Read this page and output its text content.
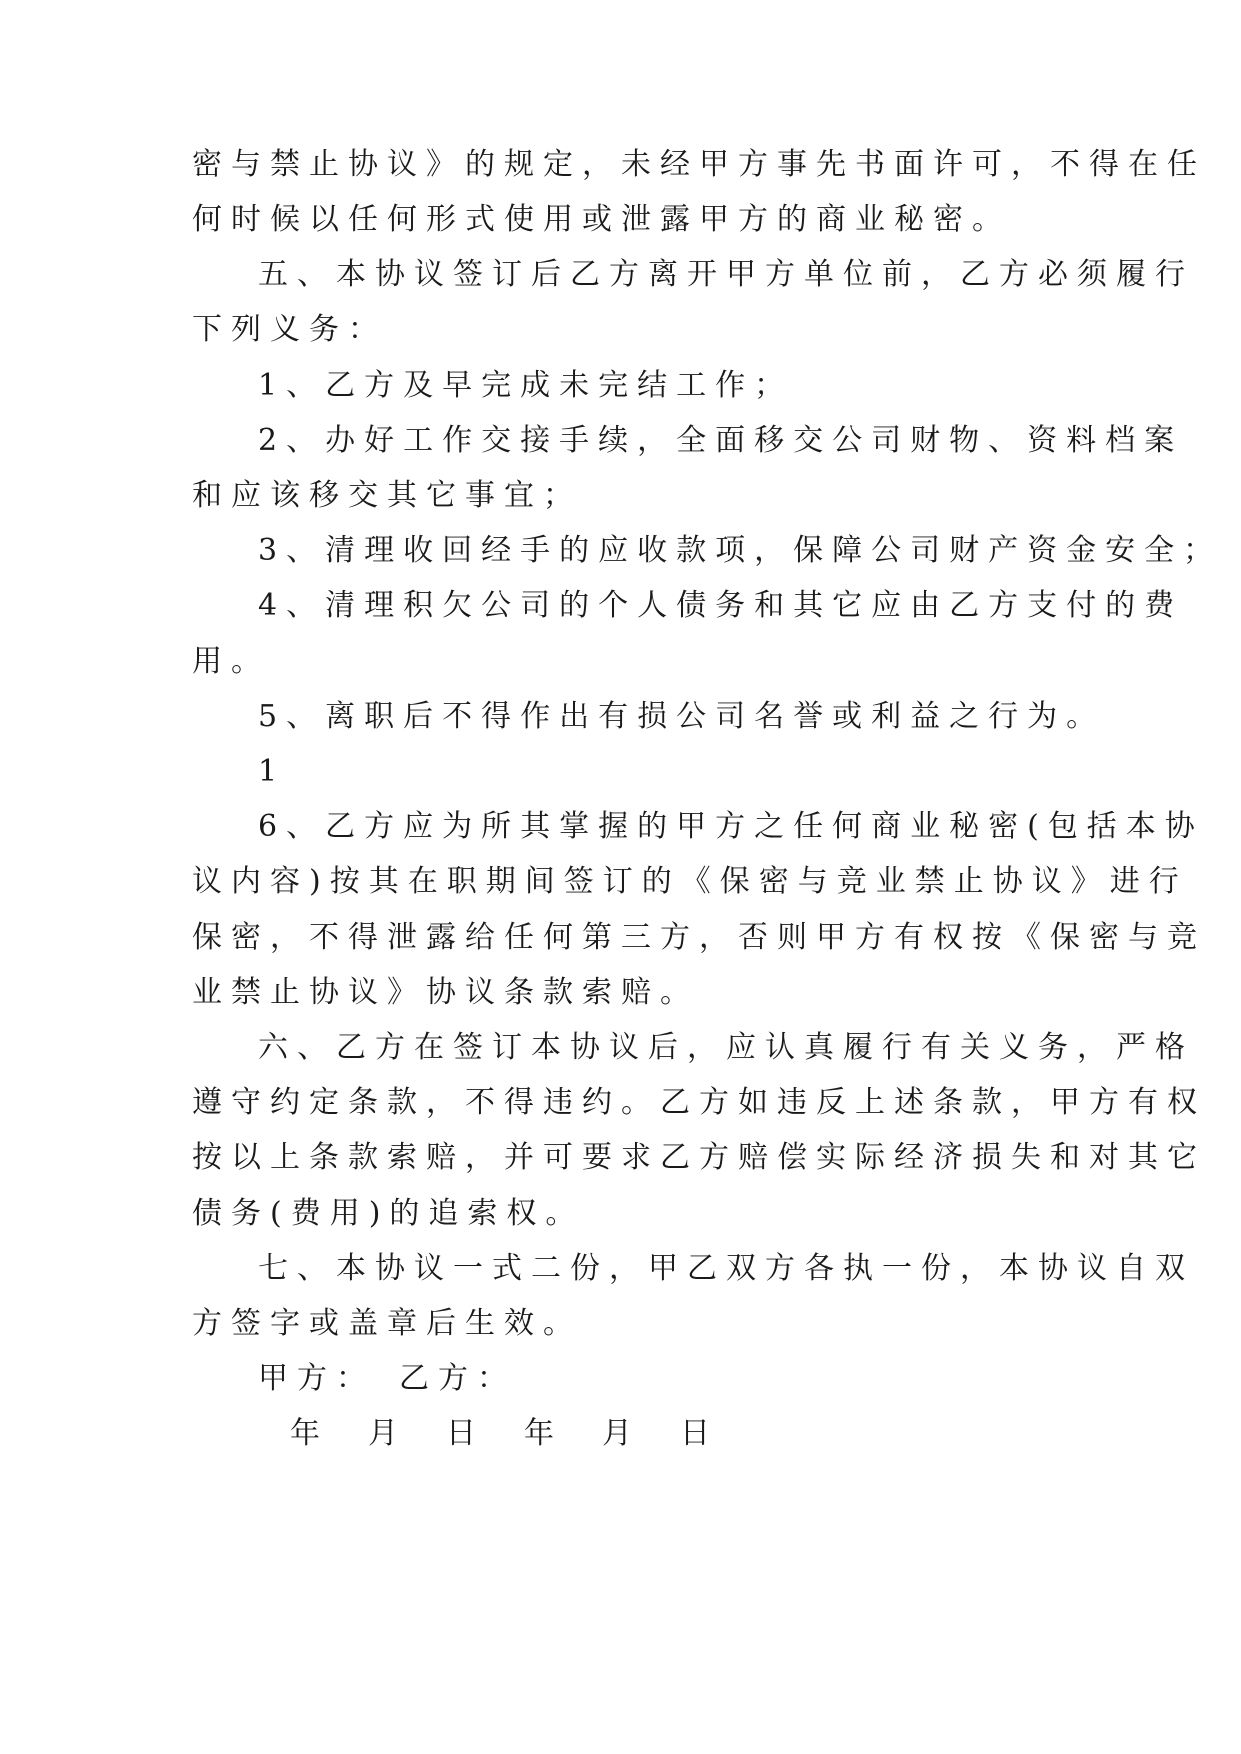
密与禁止协议》的规定，未经甲方事先书面许可，不得在任
何时候以任何形式使用或泄露甲方的商业秘密。
五、本协议签订后乙方离开甲方单位前，乙方必须履行
下列义务：
1、乙方及早完成未完结工作；
2、办好工作交接手续，全面移交公司财物、资料档案
和应该移交其它事宜；
3、清理收回经手的应收款项，保障公司财产资金安全；
4、清理积欠公司的个人债务和其它应由乙方支付的费
用。
5、离职后不得作出有损公司名誉或利益之行为。
1
6、乙方应为所其掌握的甲方之任何商业秘密(包括本协
议内容)按其在职期间签订的《保密与竞业禁止协议》进行
保密，不得泄露给任何第三方，否则甲方有权按《保密与竞
业禁止协议》协议条款索赔。
六、乙方在签订本协议后，应认真履行有关义务，严格
遵守约定条款，不得违约。乙方如违反上述条款，甲方有权
按以上条款索赔，并可要求乙方赔偿实际经济损失和对其它
债务(费用)的追索权。
七、本协议一式二份，甲乙双方各执一份，本协议自双
方签字或盖章后生效。
甲方：　乙方：
年　月　日　年　月　日
